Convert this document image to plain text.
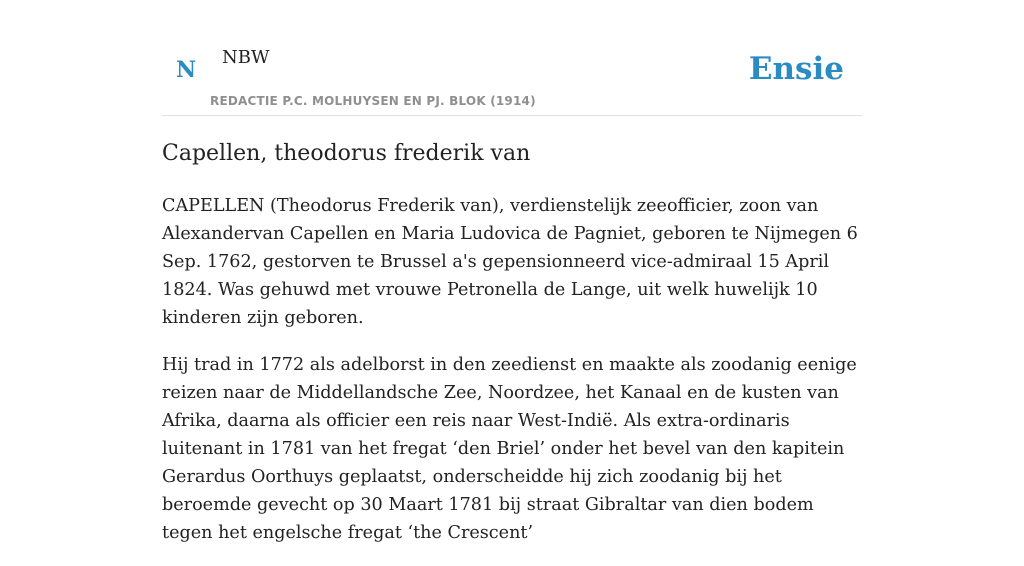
N NBW
REDACTIE P.C. MOLHUYSEN EN PJ. BLOK (1914)
Ensie
Capellen, theodorus frederik van

CAPELLEN (Theodorus Frederik van), verdienstelijk zeeofficier, zoon van Alexandervan Capellen en Maria Ludovica de Pagniet, geboren te Nijmegen 6 Sep. 1762, gestorven te Brussel a's gepensionneerd vice-admiraal 15 April 1824. Was gehuwd met vrouwe Petronella de Lange, uit welk huwelijk 10 kinderen zijn geboren.

Hij trad in 1772 als adelborst in den zeedienst en maakte als zoodanig eenige reizen naar de Middellandsche Zee, Noordzee, het Kanaal en de kusten van Afrika, daarna als officier een reis naar West-Indië. Als extra-ordinaris luitenant in 1781 van het fregat ‘den Briel’ onder het bevel van den kapitein Gerardus Oorthuys geplaatst, onderscheidde hij zich zoodanig bij het beroemde gevecht op 30 Maart 1781 bij straat Gibraltar van dien bodem tegen het engelsche fregat ‘the Crescent’
